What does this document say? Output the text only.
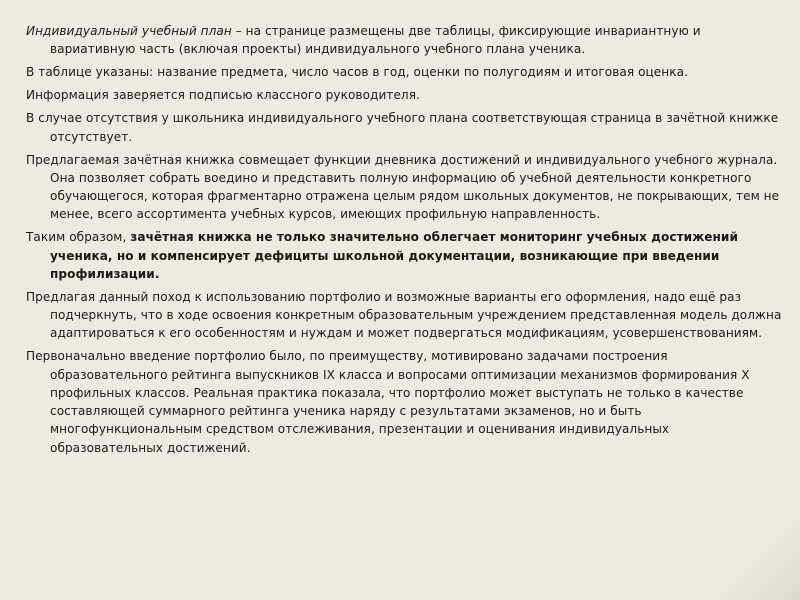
Индивидуальный учебный план – на странице размещены две таблицы, фиксирующие инвариантную и вариативную часть (включая проекты) индивидуального учебного плана ученика.

В таблице указаны: название предмета, число часов в год, оценки по полугодиям и итоговая оценка.

Информация заверяется подписью классного руководителя.

В случае отсутствия у школьника индивидуального учебного плана соответствующая страница в зачётной книжке отсутствует.

Предлагаемая зачётная книжка совмещает функции дневника достижений и индивидуального учебного журнала. Она позволяет собрать воедино и представить полную информацию об учебной деятельности конкретного обучающегося, которая фрагментарно отражена целым рядом школьных документов, не покрывающих, тем не менее, всего ассортимента учебных курсов, имеющих профильную направленность.

Таким образом, зачётная книжка не только значительно облегчает мониторинг учебных достижений ученика, но и компенсирует дефициты школьной документации, возникающие при введении профилизации.

Предлагая данный поход к использованию портфолио и возможные варианты его оформления, надо ещё раз подчеркнуть, что в ходе освоения конкретным образовательным учреждением представленная модель должна адаптироваться к его особенностям и нуждам и может подвергаться модификациям, усовершенствованиям.

Первоначально введение портфолио было, по преимуществу, мотивировано задачами построения образовательного рейтинга выпускников IX класса и вопросами оптимизации механизмов формирования X профильных классов. Реальная практика показала, что портфолио может выступать не только в качестве составляющей суммарного рейтинга ученика наряду с результатами экзаменов, но и быть многофункциональным средством отслеживания, презентации и оценивания индивидуальных образовательных достижений.
